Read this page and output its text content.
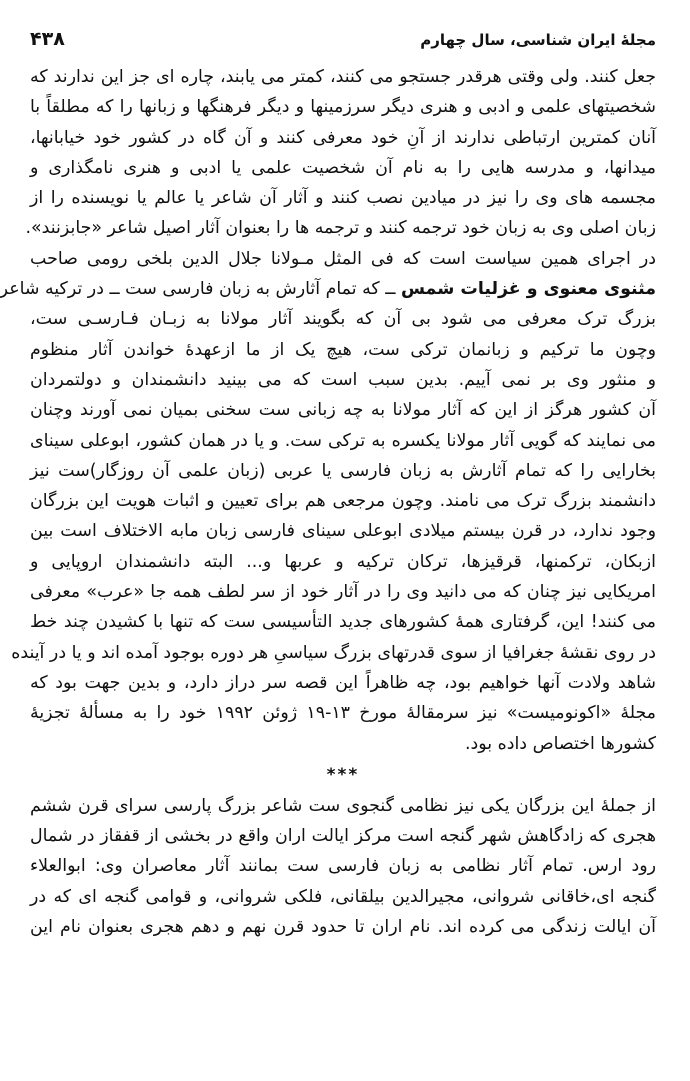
مجلهٔ ایران شناسی، سال چهارم
۴۳۸
جعل کنند. ولی وقتی هرقدر جستجو می کنند، کمتر می یابند، چاره ای جز این ندارند که
شخصیتهای علمی و ادبی و هنری دیگر سرزمینها و دیگر فرهنگها و زبانها را که مطلقاً با
آنان کمترین ارتباطی ندارند از آنِ خود معرفی کنند و آن گاه در کشور خود خیابانها،
میدانها، و مدرسه هایی را به نام آن شخصیت علمی یا ادبی و هنری نامگذاری و
مجسمه های وی را نیز در میادین نصب کنند و آثار آن شاعر یا عالم یا نویسنده را از
زبان اصلی وی به زبان خود ترجمه کنند و ترجمه ها را بعنوان آثار اصیل شاعر «جابزنند».
در اجرای همین سیاست است که فی المثل مـولانا جلال الدین بلخی رومی صاحب
مثنوی معنوی و غزلیات شمس ــ که تمام آثارش به زبان فارسی ست ــ در ترکیه شاعر
بزرگ ترک معرفی می شود بی آن که بگویند آثار مولانا به زبـان فـارسـی ست،
وچون ما ترکیم و زبانمان ترکی ست، هیچ یک از ما ازعهدهٔ خواندن آثار منظوم
و منثور وی بر نمی آییم. بدین سبب است که می بینید دانشمندان و دولتمردان
آن کشور هرگز از این که آثار مولانا به چه زبانی ست سخنی بمیان نمی آورند وچنان
می نمایند که گویی آثار مولانا یکسره به ترکی ست. و یا در همان کشور، ابوعلی سینای
بخارایی را که تمام آثارش به زبان فارسی یا عربی (زبان علمی آن روزگار)ست نیز
دانشمند بزرگ ترک می نامند. وچون مرجعی هم برای تعیین و اثبات هویت این بزرگان
وجود ندارد، در قرن بیستم میلادی ابوعلی سینای فارسی زبان مابه الاختلاف است بین
ازبکان، ترکمنها، قرقیزها، ترکان ترکیه و عربها و... البته دانشمندان اروپایی و
امریکایی نیز چنان که می دانید وی را در آثار خود از سر لطف همه جا «عرب» معرفی
می کنند! این، گرفتاری همهٔ کشورهای جدید التأسیسی ست که تنها با کشیدن چند خط
در روی نقشهٔ جغرافیا از سوی قدرتهای بزرگ سیاسیِ هر دوره بوجود آمده اند و یا در آینده
شاهد ولادت آنها خواهیم بود، چه ظاهراً این قصه سر دراز دارد، و بدین جهت بود که
مجلهٔ «اکونومیست» نیز سرمقالهٔ مورخ ۱۳-۱۹ ژوئن ۱۹۹۲ خود را به مسألهٔ تجزیهٔ
کشورها اختصاص داده بود.
***
از جملهٔ این بزرگان یکی نیز نظامی گنجوی ست شاعر بزرگ پارسی سرای قرن ششم
هجری که زادگاهش شهر گنجه است مرکز ایالت اران واقع در بخشی از قفقاز در شمال
رود ارس. تمام آثار نظامی به زبان فارسی ست بمانند آثار معاصران وی: ابوالعلاء
گنجه ای،خاقانی شروانی، مجیرالدین بیلقانی، فلکی شروانی، و قوامی گنجه ای که در
آن ایالت زندگی می کرده اند. نام اران تا حدود قرن نهم و دهم هجری بعنوان نام این
